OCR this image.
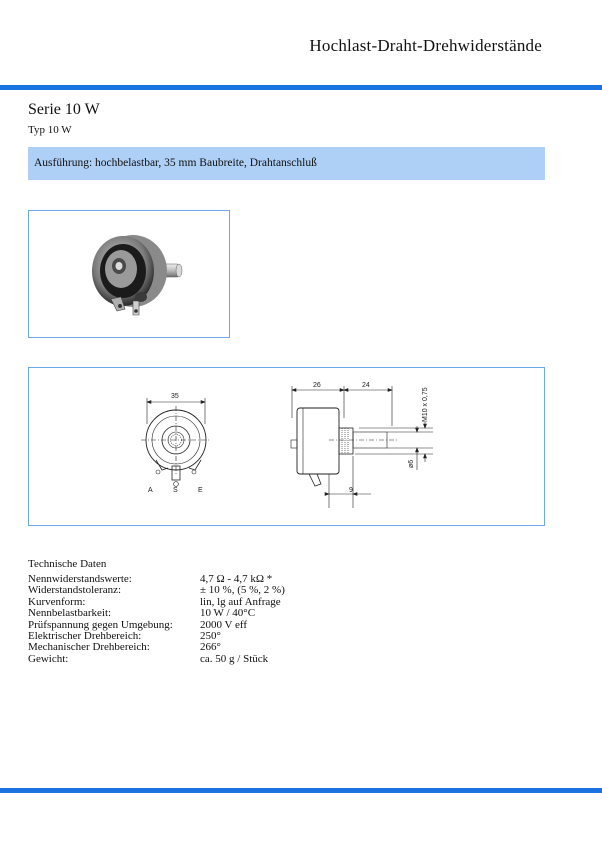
Hochlast-Draht-Drehwiderstände
Serie 10 W
Typ 10 W
Ausführung: hochbelastbar, 35 mm Baubreite, Drahtanschluß
35
26	24
M10 x 0,75
ø6
9
A	S	E
Technische Daten
Nennwiderstandswerte:	4,7 Ω - 4,7 kΩ *
Widerstandstoleranz:	± 10 %, (5 %, 2 %)
Kurvenform:	lin, lg auf Anfrage
Nennbelastbarkeit:	10 W / 40°C
Prüfspannung gegen Umgebung:	2000 V eff
Elektrischer Drehbereich:	250°
Mechanischer Drehbereich:	266°
Gewicht:	ca. 50 g / Stück
